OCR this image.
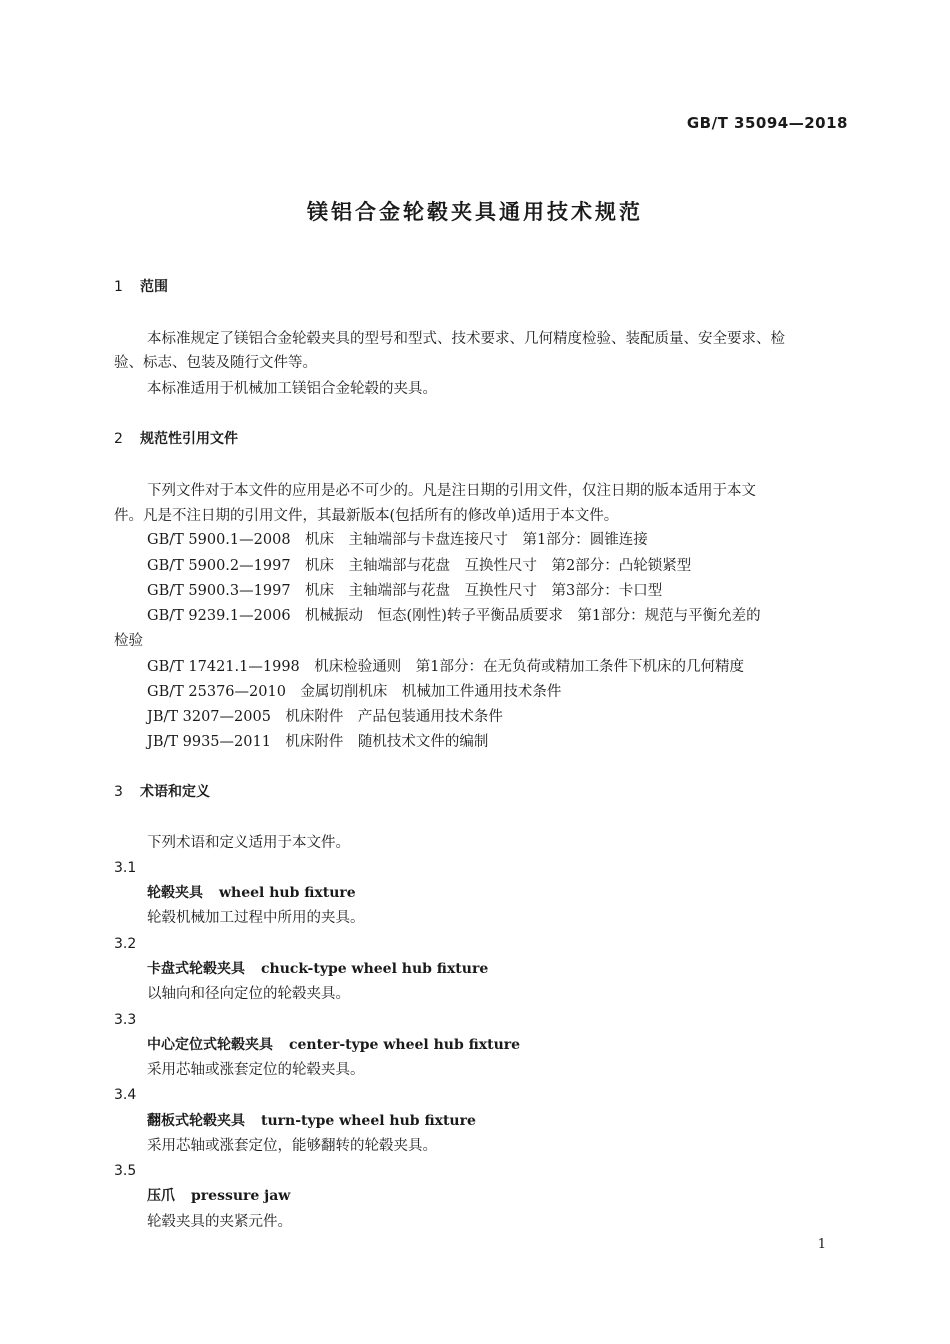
GB/T 35094—2018
镁铝合金轮毂夹具通用技术规范
1 范围
本标准规定了镁铝合金轮毂夹具的型号和型式、技术要求、几何精度检验、装配质量、安全要求、检
验、标志、包装及随行文件等。
本标准适用于机械加工镁铝合金轮毂的夹具。
2 规范性引用文件
下列文件对于本文件的应用是必不可少的。凡是注日期的引用文件，仅注日期的版本适用于本文
件。凡是不注日期的引用文件，其最新版本(包括所有的修改单)适用于本文件。
GB/T 5900.1—2008　机床　主轴端部与卡盘连接尺寸　第1部分：圆锥连接
GB/T 5900.2—1997　机床　主轴端部与花盘　互换性尺寸　第2部分：凸轮锁紧型
GB/T 5900.3—1997　机床　主轴端部与花盘　互换性尺寸　第3部分：卡口型
GB/T 9239.1—2006　机械振动　恒态(刚性)转子平衡品质要求　第1部分：规范与平衡允差的
检验
GB/T 17421.1—1998　机床检验通则　第1部分：在无负荷或精加工条件下机床的几何精度
GB/T 25376—2010　金属切削机床　机械加工件通用技术条件
JB/T 3207—2005　机床附件　产品包装通用技术条件
JB/T 9935—2011　机床附件　随机技术文件的编制
3 术语和定义
下列术语和定义适用于本文件。
3.1
轮毂夹具 wheel hub fixture
轮毂机械加工过程中所用的夹具。
3.2
卡盘式轮毂夹具 chuck-type wheel hub fixture
以轴向和径向定位的轮毂夹具。
3.3
中心定位式轮毂夹具 center-type wheel hub fixture
采用芯轴或涨套定位的轮毂夹具。
3.4
翻板式轮毂夹具 turn-type wheel hub fixture
采用芯轴或涨套定位，能够翻转的轮毂夹具。
3.5
压爪 pressure jaw
轮毂夹具的夹紧元件。
1
